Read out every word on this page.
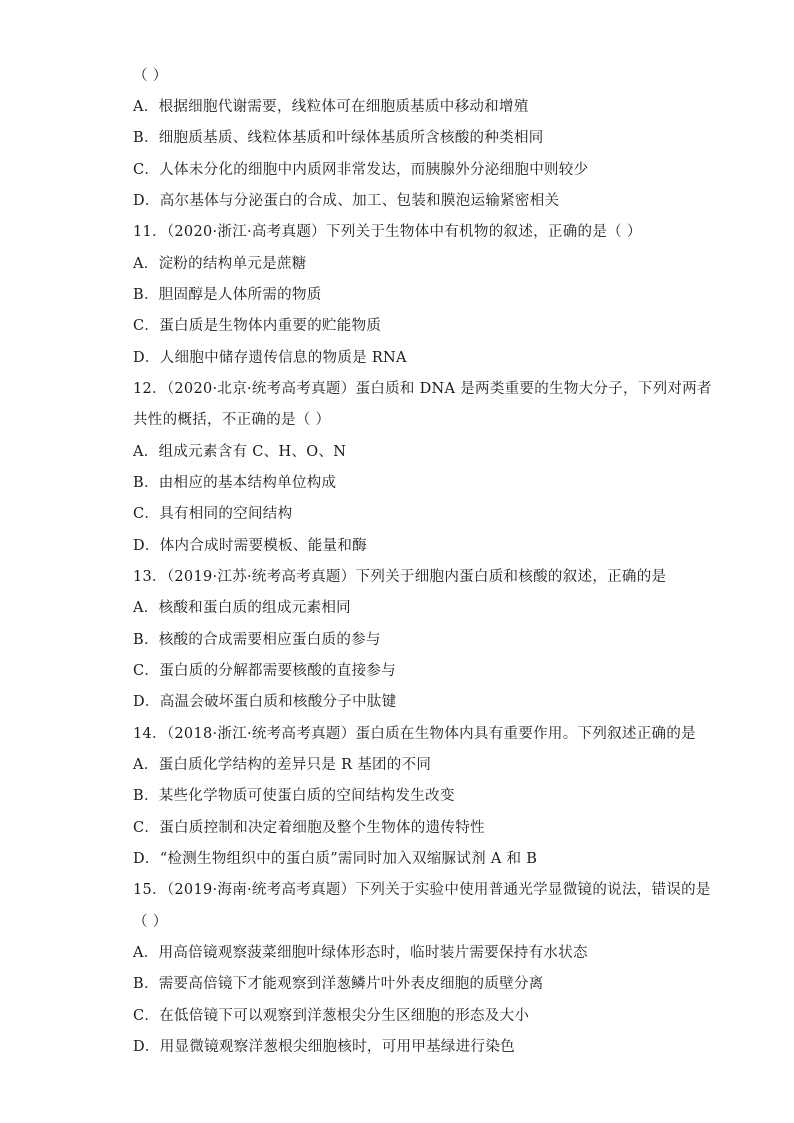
（ ）
A．根据细胞代谢需要，线粒体可在细胞质基质中移动和增殖
B．细胞质基质、线粒体基质和叶绿体基质所含核酸的种类相同
C．人体未分化的细胞中内质网非常发达，而胰腺外分泌细胞中则较少
D．高尔基体与分泌蛋白的合成、加工、包装和膜泡运输紧密相关
11．（2020·浙江·高考真题）下列关于生物体中有机物的叙述，正确的是（ ）
A．淀粉的结构单元是蔗糖
B．胆固醇是人体所需的物质
C．蛋白质是生物体内重要的贮能物质
D．人细胞中储存遗传信息的物质是 RNA
12．（2020·北京·统考高考真题）蛋白质和 DNA 是两类重要的生物大分子，下列对两者
共性的概括，不正确的是（ ）
A．组成元素含有 C、H、O、N
B．由相应的基本结构单位构成
C．具有相同的空间结构
D．体内合成时需要模板、能量和酶
13．（2019·江苏·统考高考真题）下列关于细胞内蛋白质和核酸的叙述，正确的是
A．核酸和蛋白质的组成元素相同
B．核酸的合成需要相应蛋白质的参与
C．蛋白质的分解都需要核酸的直接参与
D．高温会破坏蛋白质和核酸分子中肽键
14．（2018·浙江·统考高考真题）蛋白质在生物体内具有重要作用。下列叙述正确的是
A．蛋白质化学结构的差异只是 R 基团的不同
B．某些化学物质可使蛋白质的空间结构发生改变
C．蛋白质控制和决定着细胞及整个生物体的遗传特性
D．“检测生物组织中的蛋白质”需同时加入双缩脲试剂 A 和 B
15．（2019·海南·统考高考真题）下列关于实验中使用普通光学显微镜的说法，错误的是
（ ）
A．用高倍镜观察菠菜细胞叶绿体形态时，临时装片需要保持有水状态
B．需要高倍镜下才能观察到洋葱鳞片叶外表皮细胞的质壁分离
C．在低倍镜下可以观察到洋葱根尖分生区细胞的形态及大小
D．用显微镜观察洋葱根尖细胞核时，可用甲基绿进行染色
